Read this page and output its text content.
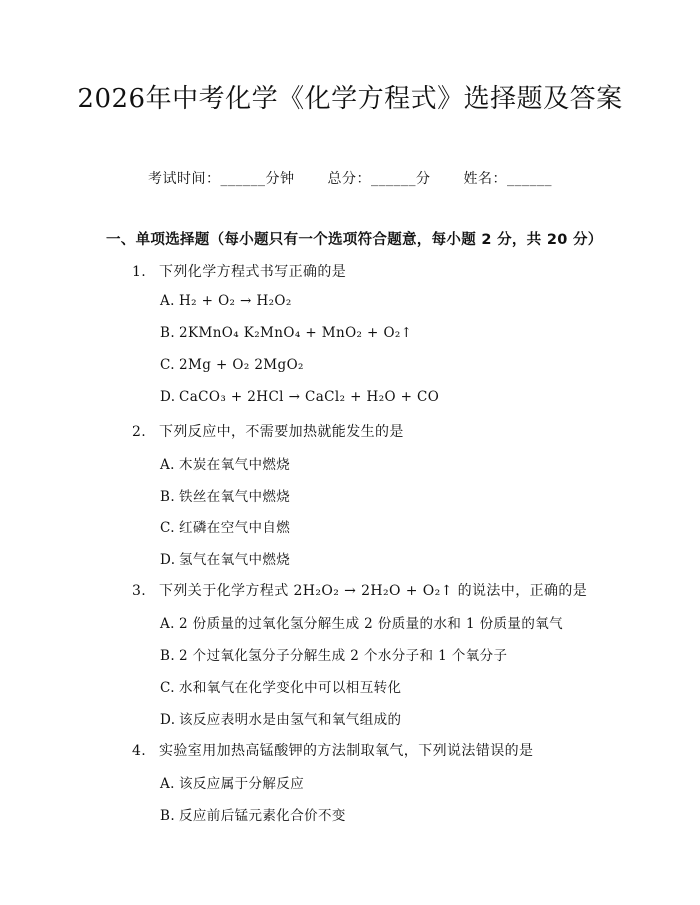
2026年中考化学《化学方程式》选择题及答案
考试时间：______分钟 总分：______分 姓名：______
一、单项选择题（每小题只有一个选项符合题意，每小题 2 分，共 20 分）
1. 下列化学方程式书写正确的是
A. H₂ + O₂ → H₂O₂
B. 2KMnO₄ K₂MnO₄ + MnO₂ + O₂↑
C. 2Mg + O₂ 2MgO₂
D. CaCO₃ + 2HCl → CaCl₂ + H₂O + CO
2. 下列反应中，不需要加热就能发生的是
A. 木炭在氧气中燃烧
B. 铁丝在氧气中燃烧
C. 红磷在空气中自燃
D. 氢气在氧气中燃烧
3. 下列关于化学方程式 2H₂O₂ → 2H₂O + O₂↑ 的说法中，正确的是
A. 2 份质量的过氧化氢分解生成 2 份质量的水和 1 份质量的氧气
B. 2 个过氧化氢分子分解生成 2 个水分子和 1 个氧分子
C. 水和氧气在化学变化中可以相互转化
D. 该反应表明水是由氢气和氧气组成的
4. 实验室用加热高锰酸钾的方法制取氧气，下列说法错误的是
A. 该反应属于分解反应
B. 反应前后锰元素化合价不变
